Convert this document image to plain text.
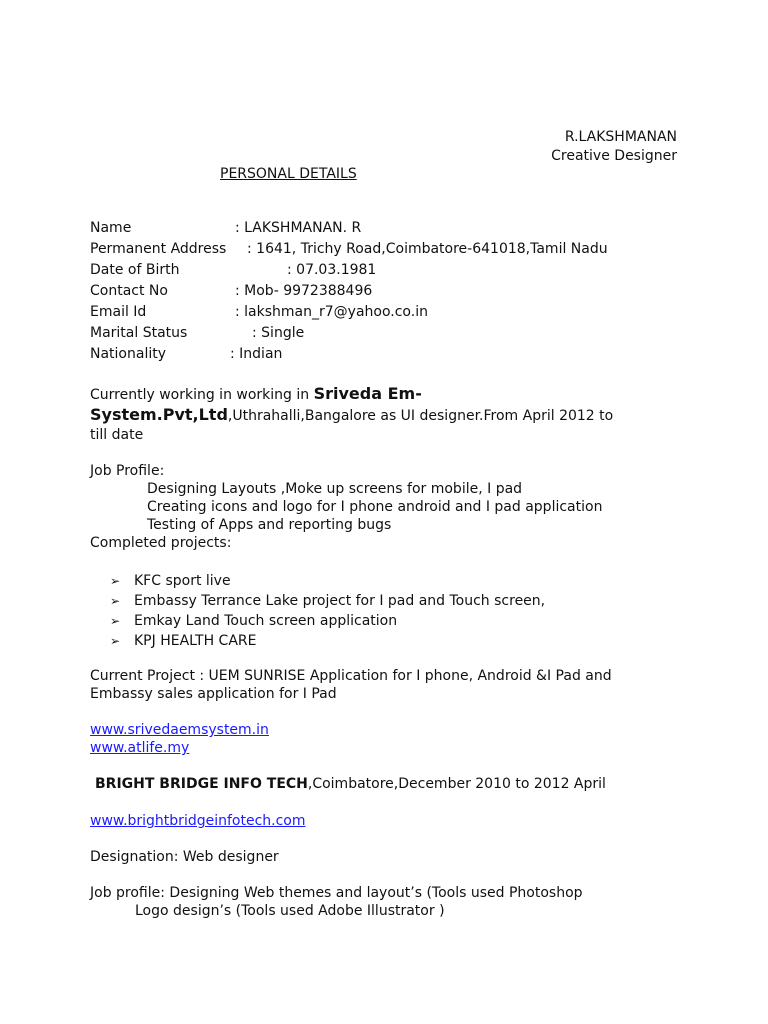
R.LAKSHMANAN
Creative Designer
PERSONAL DETAILS
Name	: LAKSHMANAN. R
Permanent Address : 1641, Trichy Road,Coimbatore-641018,Tamil Nadu
Date of Birth	: 07.03.1981
Contact No	: Mob- 9972388496
Email Id	: lakshman_r7@yahoo.co.in
Marital Status	: Single
Nationality	: Indian
Currently working in working in Sriveda Em-
System.Pvt,Ltd,Uthrahalli,Bangalore as UI designer.From April 2012 to
till date
Job Profile:
Designing Layouts ,Moke up screens for mobile, I pad
Creating icons and logo for I phone android and I pad application
Testing of Apps and reporting bugs
Completed projects:
➢ KFC sport live
➢ Embassy Terrance Lake project for I pad and Touch screen,
➢ Emkay Land Touch screen application
➢ KPJ HEALTH CARE
Current Project : UEM SUNRISE Application for I phone, Android &I Pad and
Embassy sales application for I Pad
www.srivedaemsystem.in
www.atlife.my
BRIGHT BRIDGE INFO TECH,Coimbatore,December 2010 to 2012 April
www.brightbridgeinfotech.com
Designation: Web designer
Job profile: Designing Web themes and layout’s (Tools used Photoshop
Logo design’s (Tools used Adobe Illustrator )
